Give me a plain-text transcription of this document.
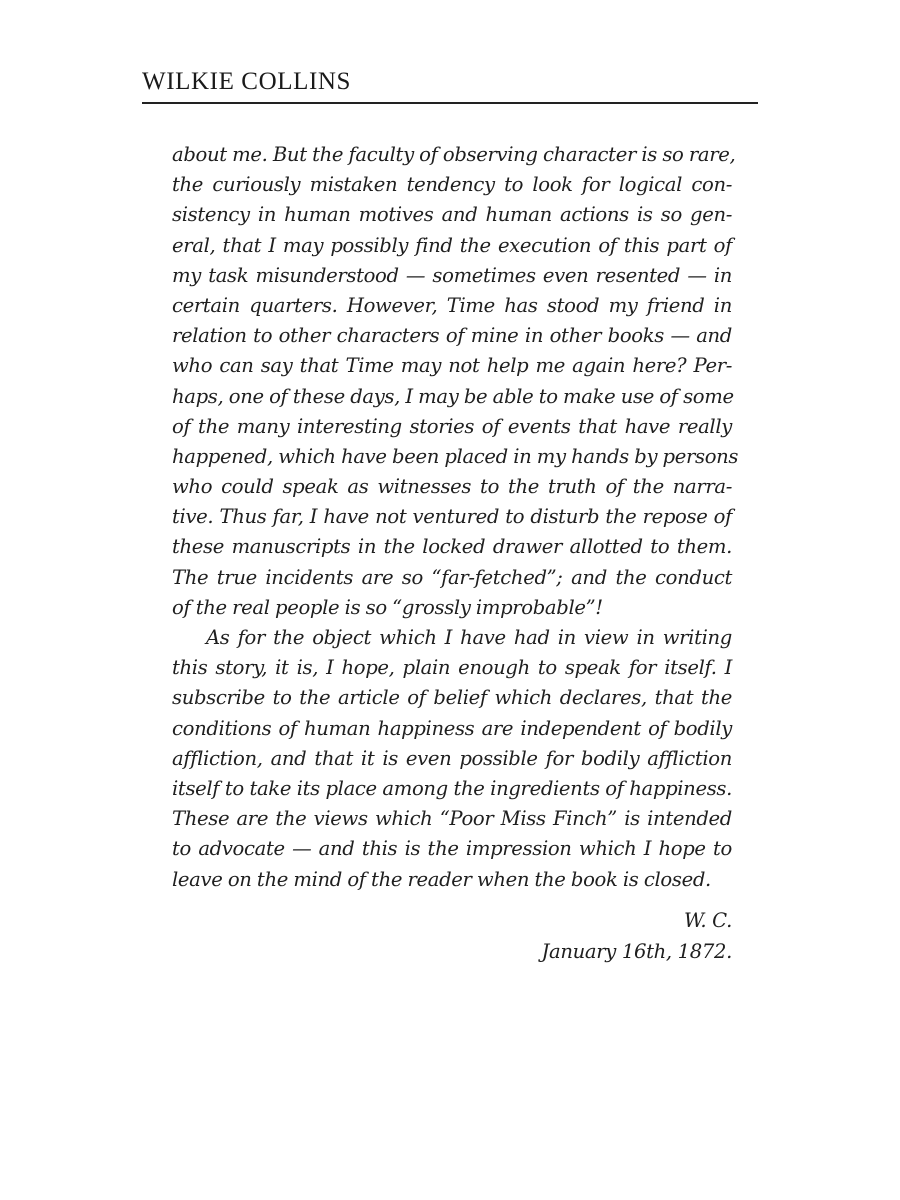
WILKIE COLLINS
about me. But the faculty of observing character is so rare,
the curiously mistaken tendency to look for logical con-
sistency in human motives and human actions is so gen-
eral, that I may possibly find the execution of this part of
my task misunderstood — sometimes even resented — in
certain quarters. However, Time has stood my friend in
relation to other characters of mine in other books — and
who can say that Time may not help me again here? Per-
haps, one of these days, I may be able to make use of some
of the many interesting stories of events that have really
happened, which have been placed in my hands by persons
who could speak as witnesses to the truth of the narra-
tive. Thus far, I have not ventured to disturb the repose of
these manuscripts in the locked drawer allotted to them.
The true incidents are so “far-fetched”; and the conduct
of the real people is so “grossly improbable”!
As for the object which I have had in view in writing
this story, it is, I hope, plain enough to speak for itself. I
subscribe to the article of belief which declares, that the
conditions of human happiness are independent of bodily
affliction, and that it is even possible for bodily affliction
itself to take its place among the ingredients of happiness.
These are the views which “Poor Miss Finch” is intended
to advocate — and this is the impression which I hope to
leave on the mind of the reader when the book is closed.
W. C.
January 16th, 1872.
